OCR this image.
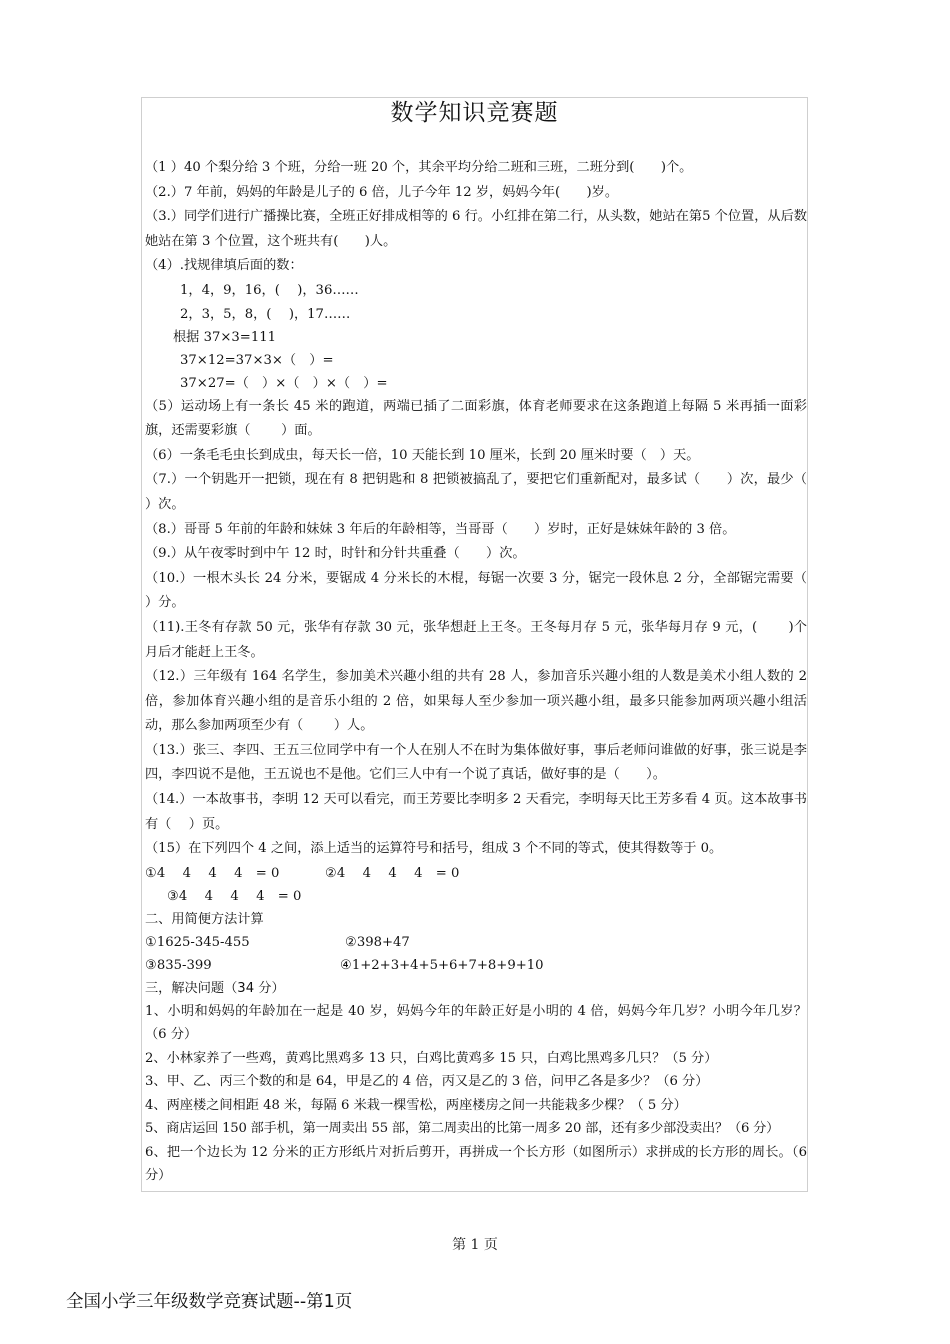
数学知识竞赛题
（1 ）40 个梨分给 3 个班，分给一班 20 个，其余平均分给二班和三班，二班分到(　　)个。
（2.）7 年前，妈妈的年龄是儿子的 6 倍，儿子今年 12 岁，妈妈今年(　　)岁。
（3.）同学们进行广播操比赛，全班正好排成相等的 6 行。小红排在第二行，从头数，她站在第5 个位置，从后数她站在第 3 个位置，这个班共有(　　)人。
（4）.找规律填后面的数：
1，4，9，16，(　 )，36……
2，3，5，8，(　 )，17……
根据 37×3=111
37×12=37×3×（　）=
37×27=（　）×（　）×（　）=
（5）运动场上有一条长 45 米的跑道，两端已插了二面彩旗，体育老师要求在这条跑道上每隔 5 米再插一面彩旗，还需要彩旗（　　 ）面。
（6）一条毛毛虫长到成虫，每天长一倍，10 天能长到 10 厘米，长到 20 厘米时要（　）天。
（7.）一个钥匙开一把锁，现在有 8 把钥匙和 8 把锁被搞乱了，要把它们重新配对，最多试（　　）次，最少（　 ）次。
（8.）哥哥 5 年前的年龄和妹妹 3 年后的年龄相等，当哥哥（　　）岁时，正好是妹妹年龄的 3 倍。
（9.）从午夜零时到中午 12 时，时针和分针共重叠（　　）次。
（10.）一根木头长 24 分米，要锯成 4 分米长的木棍，每锯一次要 3 分，锯完一段休息 2 分，全部锯完需要（　　 ）分。
（11).王冬有存款 50 元，张华有存款 30 元，张华想赶上王冬。王冬每月存 5 元，张华每月存 9 元，(　　 )个月后才能赶上王冬。
（12.）三年级有 164 名学生，参加美术兴趣小组的共有 28 人，参加音乐兴趣小组的人数是美术小组人数的 2 倍，参加体育兴趣小组的是音乐小组的 2 倍，如果每人至少参加一项兴趣小组，最多只能参加两项兴趣小组活动，那么参加两项至少有（　　 ）人。
（13.）张三、李四、王五三位同学中有一个人在别人不在时为集体做好事，事后老师问谁做的好事，张三说是李四，李四说不是他，王五说也不是他。它们三人中有一个说了真话，做好事的是（　　）。
（14.）一本故事书，李明 12 天可以看完，而王芳要比李明多 2 天看完，李明每天比王芳多看 4 页。这本故事书有（　 ）页。
（15）在下列四个 4 之间，添上适当的运算符号和括号，组成 3 个不同的等式，使其得数等于 0。
①4　 4　 4　 4　= 0	②4　 4　 4　 4　= 0
③4　 4　 4　 4　= 0
二、用简便方法计算
①1625-345-455	②398+47
③835-399	④1+2+3+4+5+6+7+8+9+10
三，解决问题（34 分）
1、小明和妈妈的年龄加在一起是 40 岁，妈妈今年的年龄正好是小明的 4 倍，妈妈今年几岁？小明今年几岁？（6 分）
2、小林家养了一些鸡，黄鸡比黑鸡多 13 只，白鸡比黄鸡多 15 只，白鸡比黑鸡多几只？（5 分）
3、甲、乙、丙三个数的和是 64，甲是乙的 4 倍，丙又是乙的 3 倍，问甲乙各是多少？（6 分）
4、两座楼之间相距 48 米，每隔 6 米栽一棵雪松，两座楼房之间一共能栽多少棵？（ 5 分）
5、商店运回 150 部手机，第一周卖出 55 部，第二周卖出的比第一周多 20 部，还有多少部没卖出？（6 分）
6、把一个边长为 12 分米的正方形纸片对折后剪开，再拼成一个长方形（如图所示）求拼成的长方形的周长。（6 分）
第 1 页
全国小学三年级数学竞赛试题--第1页
